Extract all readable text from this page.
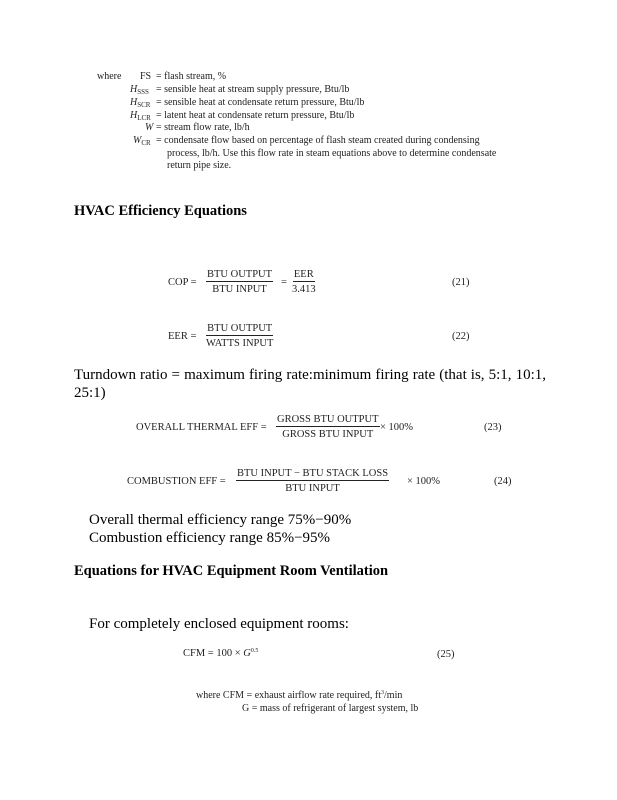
where FS = flash stream, %
$H_{SSS}$ = sensible heat at stream supply pressure, Btu/lb
$H_{SCR}$ = sensible heat at condensate return pressure, Btu/lb
$H_{LCR}$ = latent heat at condensate return pressure, Btu/lb
W = stream flow rate, lb/h
$W_{CR}$ = condensate flow based on percentage of flash steam created during condensing
process, lb/h. Use this flow rate in steam equations above to determine condensate
return pipe size.
HVAC Efficiency Equations
COP =
BTU OUTPUT
BTU INPUT
=
EER
3.413
(21)
EER =
BTU OUTPUT
WATTS INPUT
(22)
Turndown ratio = maximum firing rate:minimum firing rate (that is, 5:1, 10:1, 25:1)
OVERALL THERMAL EFF =
GROSS BTU OUTPUT
GROSS BTU INPUT
× 100%	(23)
COMBUSTION EFF =
BTU INPUT − BTU STACK LOSS
BTU INPUT
× 100%	(24)
Overall thermal efficiency range 75%−90%
Combustion efficiency range 85%−95%
Equations for HVAC Equipment Room Ventilation
For completely enclosed equipment rooms:
CFM = $100 \times G^{0.5}$	(25)
where CFM = exhaust airflow rate required, $ft^3/\min$
G = mass of refrigerant of largest system, lb
